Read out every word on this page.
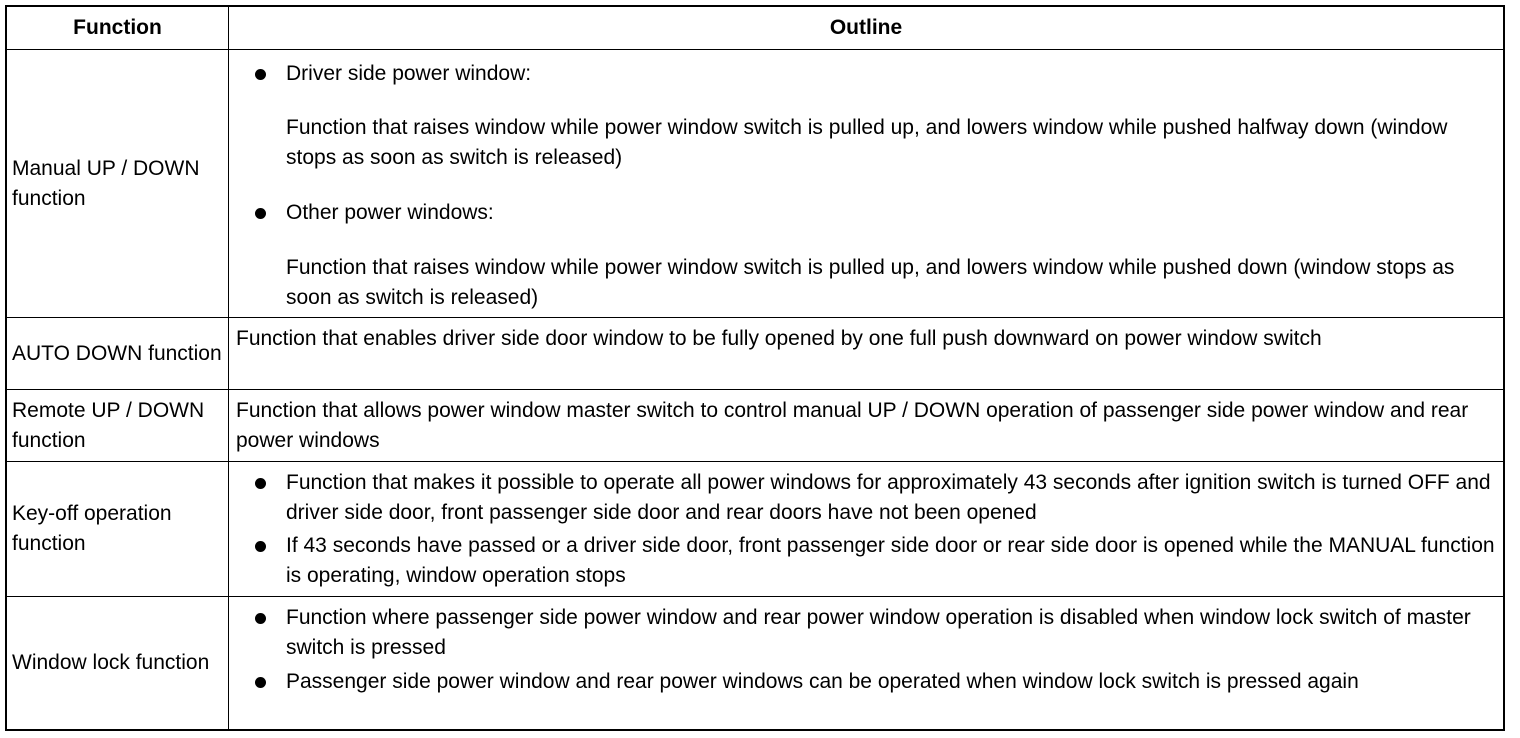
Function	Outline
Manual UP / DOWN function
Driver side power window:
Function that raises window while power window switch is pulled up, and lowers window while pushed halfway down (window stops as soon as switch is released)
Other power windows:
Function that raises window while power window switch is pulled up, and lowers window while pushed down (window stops as soon as switch is released)
AUTO DOWN function
Function that enables driver side door window to be fully opened by one full push downward on power window switch
Remote UP / DOWN function
Function that allows power window master switch to control manual UP / DOWN operation of passenger side power window and rear power windows
Key-off operation function
Function that makes it possible to operate all power windows for approximately 43 seconds after ignition switch is turned OFF and driver side door, front passenger side door and rear doors have not been opened
If 43 seconds have passed or a driver side door, front passenger side door or rear side door is opened while the MANUAL function is operating, window operation stops
Window lock function
Function where passenger side power window and rear power window operation is disabled when window lock switch of master switch is pressed
Passenger side power window and rear power windows can be operated when window lock switch is pressed again
